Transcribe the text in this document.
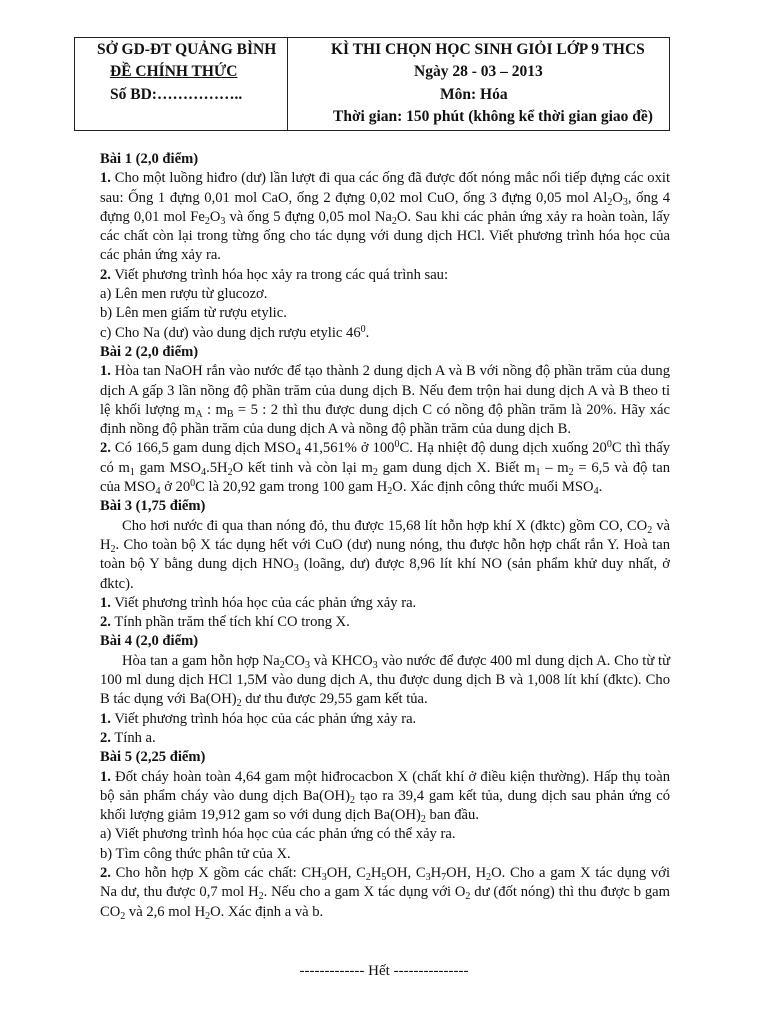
SỞ GD-ĐT QUẢNG BÌNH
ĐỀ CHÍNH THỨC
Số BD:……………..
KÌ THI CHỌN HỌC SINH GIỎI LỚP 9 THCS
Ngày 28 - 03 – 2013
Môn: Hóa
Thời gian: 150 phút (không kể thời gian giao đề)

Bài 1 (2,0 điểm)

1. Cho một luồng hiđro (dư) lần lượt đi qua các ống đã được đốt nóng mắc nối tiếp đựng các oxit sau: Ống 1 đựng 0,01 mol CaO, ống 2 đựng 0,02 mol CuO, ống 3 đựng 0,05 mol $Al_2O_3$, ống 4 đựng 0,01 mol $Fe_2O_3$ và ống 5 đựng 0,05 mol $Na_2O$. Sau khi các phản ứng xảy ra hoàn toàn, lấy các chất còn lại trong từng ống cho tác dụng với dung dịch HCl. Viết phương trình hóa học của các phản ứng xảy ra.

2. Viết phương trình hóa học xảy ra trong các quá trình sau:

a) Lên men rượu từ glucozơ.

b) Lên men giấm từ rượu etylic.

c) Cho Na (dư) vào dung dịch rượu etylic $46^0$.

Bài 2 (2,0 điểm)

1. Hòa tan NaOH rắn vào nước để tạo thành 2 dung dịch A và B với nồng độ phần trăm của dung dịch A gấp 3 lần nồng độ phần trăm của dung dịch B. Nếu đem trộn hai dung dịch A và B theo tỉ lệ khối lượng $m_A$ : $m_B = 5$ : 2 thì thu được dung dịch C có nồng độ phần trăm là 20%. Hãy xác định nồng độ phần trăm của dung dịch A và nồng độ phần trăm của dung dịch B.

2. Có 166,5 gam dung dịch $MSO_4$ 41,561% ở $100^0C$. Hạ nhiệt độ dung dịch xuống $20^0C$ thì thấy có $m_1$ gam $MSO_4.5H_2O$ kết tinh và còn lại $m_2$ gam dung dịch X. Biết $m_1 - m_2 = 6,5$ và độ tan của $MSO_4$ ở $20^0C$ là 20,92 gam trong 100 gam $H_2O$. Xác định công thức muối $MSO_4$.

Bài 3 (1,75 điểm)

Cho hơi nước đi qua than nóng đỏ, thu được 15,68 lít hỗn hợp khí X (đktc) gồm CO, $CO_2$ và $H_2$. Cho toàn bộ X tác dụng hết với CuO (dư) nung nóng, thu được hỗn hợp chất rắn Y. Hoà tan toàn bộ Y bằng dung dịch $HNO_3$ (loãng, dư) được 8,96 lít khí NO (sản phẩm khử duy nhất, ở đktc).

1. Viết phương trình hóa học của các phản ứng xảy ra.

2. Tính phần trăm thể tích khí CO trong X.

Bài 4 (2,0 điểm)

Hòa tan a gam hỗn hợp $Na_2CO_3$ và $KHCO_3$ vào nước để được 400 ml dung dịch A. Cho từ từ 100 ml dung dịch HCl 1,5M vào dung dịch A, thu được dung dịch B và 1,008 lít khí (đktc). Cho B tác dụng với $Ba(OH)_2$ dư thu được 29,55 gam kết tủa.

1. Viết phương trình hóa học của các phản ứng xảy ra.

2. Tính a.

Bài 5 (2,25 điểm)

1. Đốt cháy hoàn toàn 4,64 gam một hiđrocacbon X (chất khí ở điều kiện thường). Hấp thụ toàn bộ sản phẩm cháy vào dung dịch $Ba(OH)_2$ tạo ra 39,4 gam kết tủa, dung dịch sau phản ứng có khối lượng giảm 19,912 gam so với dung dịch $Ba(OH)_2$ ban đầu.

a) Viết phương trình hóa học của các phản ứng có thể xảy ra.

b) Tìm công thức phân tử của X.

2. Cho hỗn hợp X gồm các chất: $CH_3OH$, $C_2H_5OH$, $C_3H_7OH$, $H_2O$. Cho a gam X tác dụng với Na dư, thu được 0,7 mol $H_2$. Nếu cho a gam X tác dụng với $O_2$ dư (đốt nóng) thì thu được b gam $CO_2$ và 2,6 mol $H_2O$. Xác định a và b.

------------- Hết ---------------
